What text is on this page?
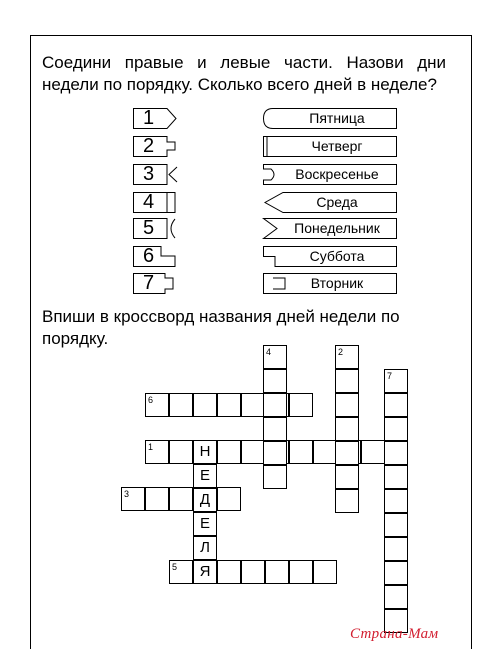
Соедини правые и левые части. Назови дни недели по порядку. Сколько всего дней в неделе?

1
2
3
4
5
6
7
Пятница
Четверг
Воскресенье
Среда
Понедельник
Суббота
Вторник

Впиши в кроссворд названия дней недели по порядку.

1
6
3
5
4	2
7
Н
Е
Д
Е
Л
Я
Страна-Мам
